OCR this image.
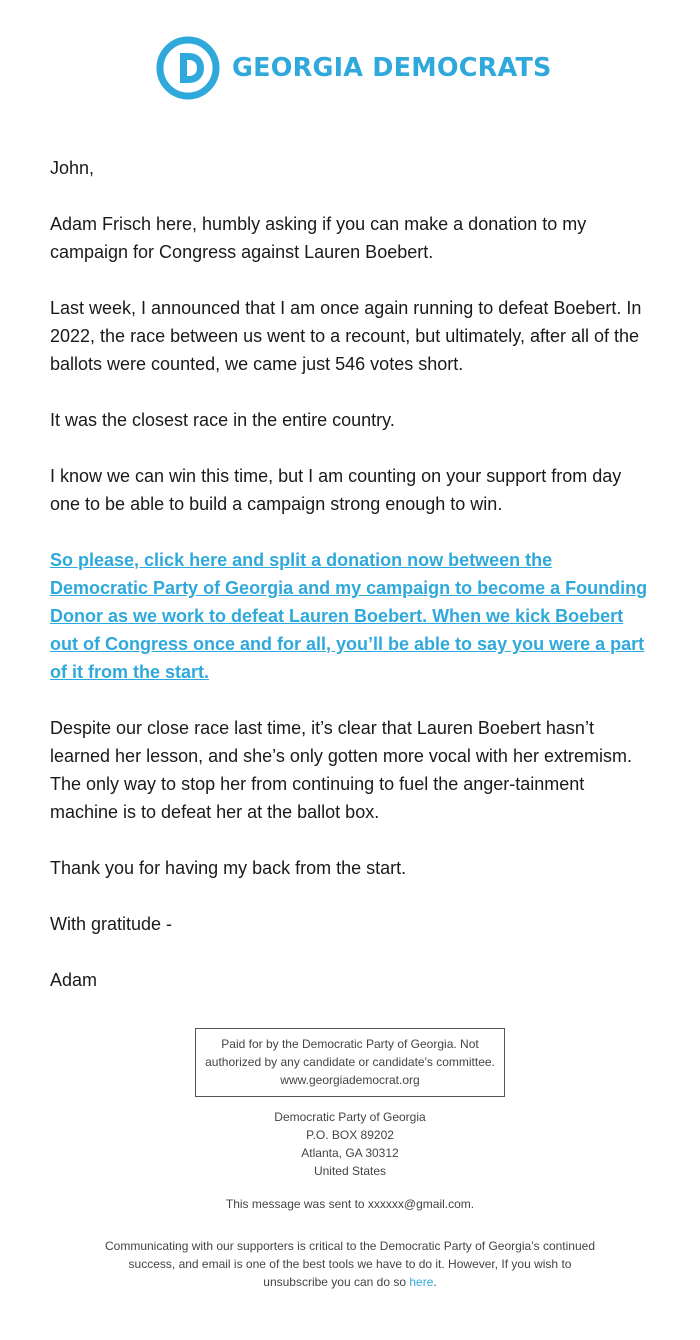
GEORGIA DEMOCRATS

John,

Adam Frisch here, humbly asking if you can make a donation to my campaign for Congress against Lauren Boebert.

Last week, I announced that I am once again running to defeat Boebert. In 2022, the race between us went to a recount, but ultimately, after all of the ballots were counted, we came just 546 votes short.

It was the closest race in the entire country.

I know we can win this time, but I am counting on your support from day one to be able to build a campaign strong enough to win.

So please, click here and split a donation now between the Democratic Party of Georgia and my campaign to become a Founding Donor as we work to defeat Lauren Boebert. When we kick Boebert out of Congress once and for all, you’ll be able to say you were a part of it from the start.

Despite our close race last time, it’s clear that Lauren Boebert hasn’t learned her lesson, and she’s only gotten more vocal with her extremism. The only way to stop her from continuing to fuel the anger-tainment machine is to defeat her at the ballot box.

Thank you for having my back from the start.

With gratitude -

Adam

Paid for by the Democratic Party of Georgia. Not
authorized by any candidate or candidate's committee.
www.georgiademocrat.org
Democratic Party of Georgia
P.O. BOX 89202
Atlanta, GA 30312
United States
This message was sent to xxxxxx@gmail.com.
Communicating with our supporters is critical to the Democratic Party of Georgia’s continued success, and email is one of the best tools we have to do it. However, If you wish to unsubscribe you can do so here.
